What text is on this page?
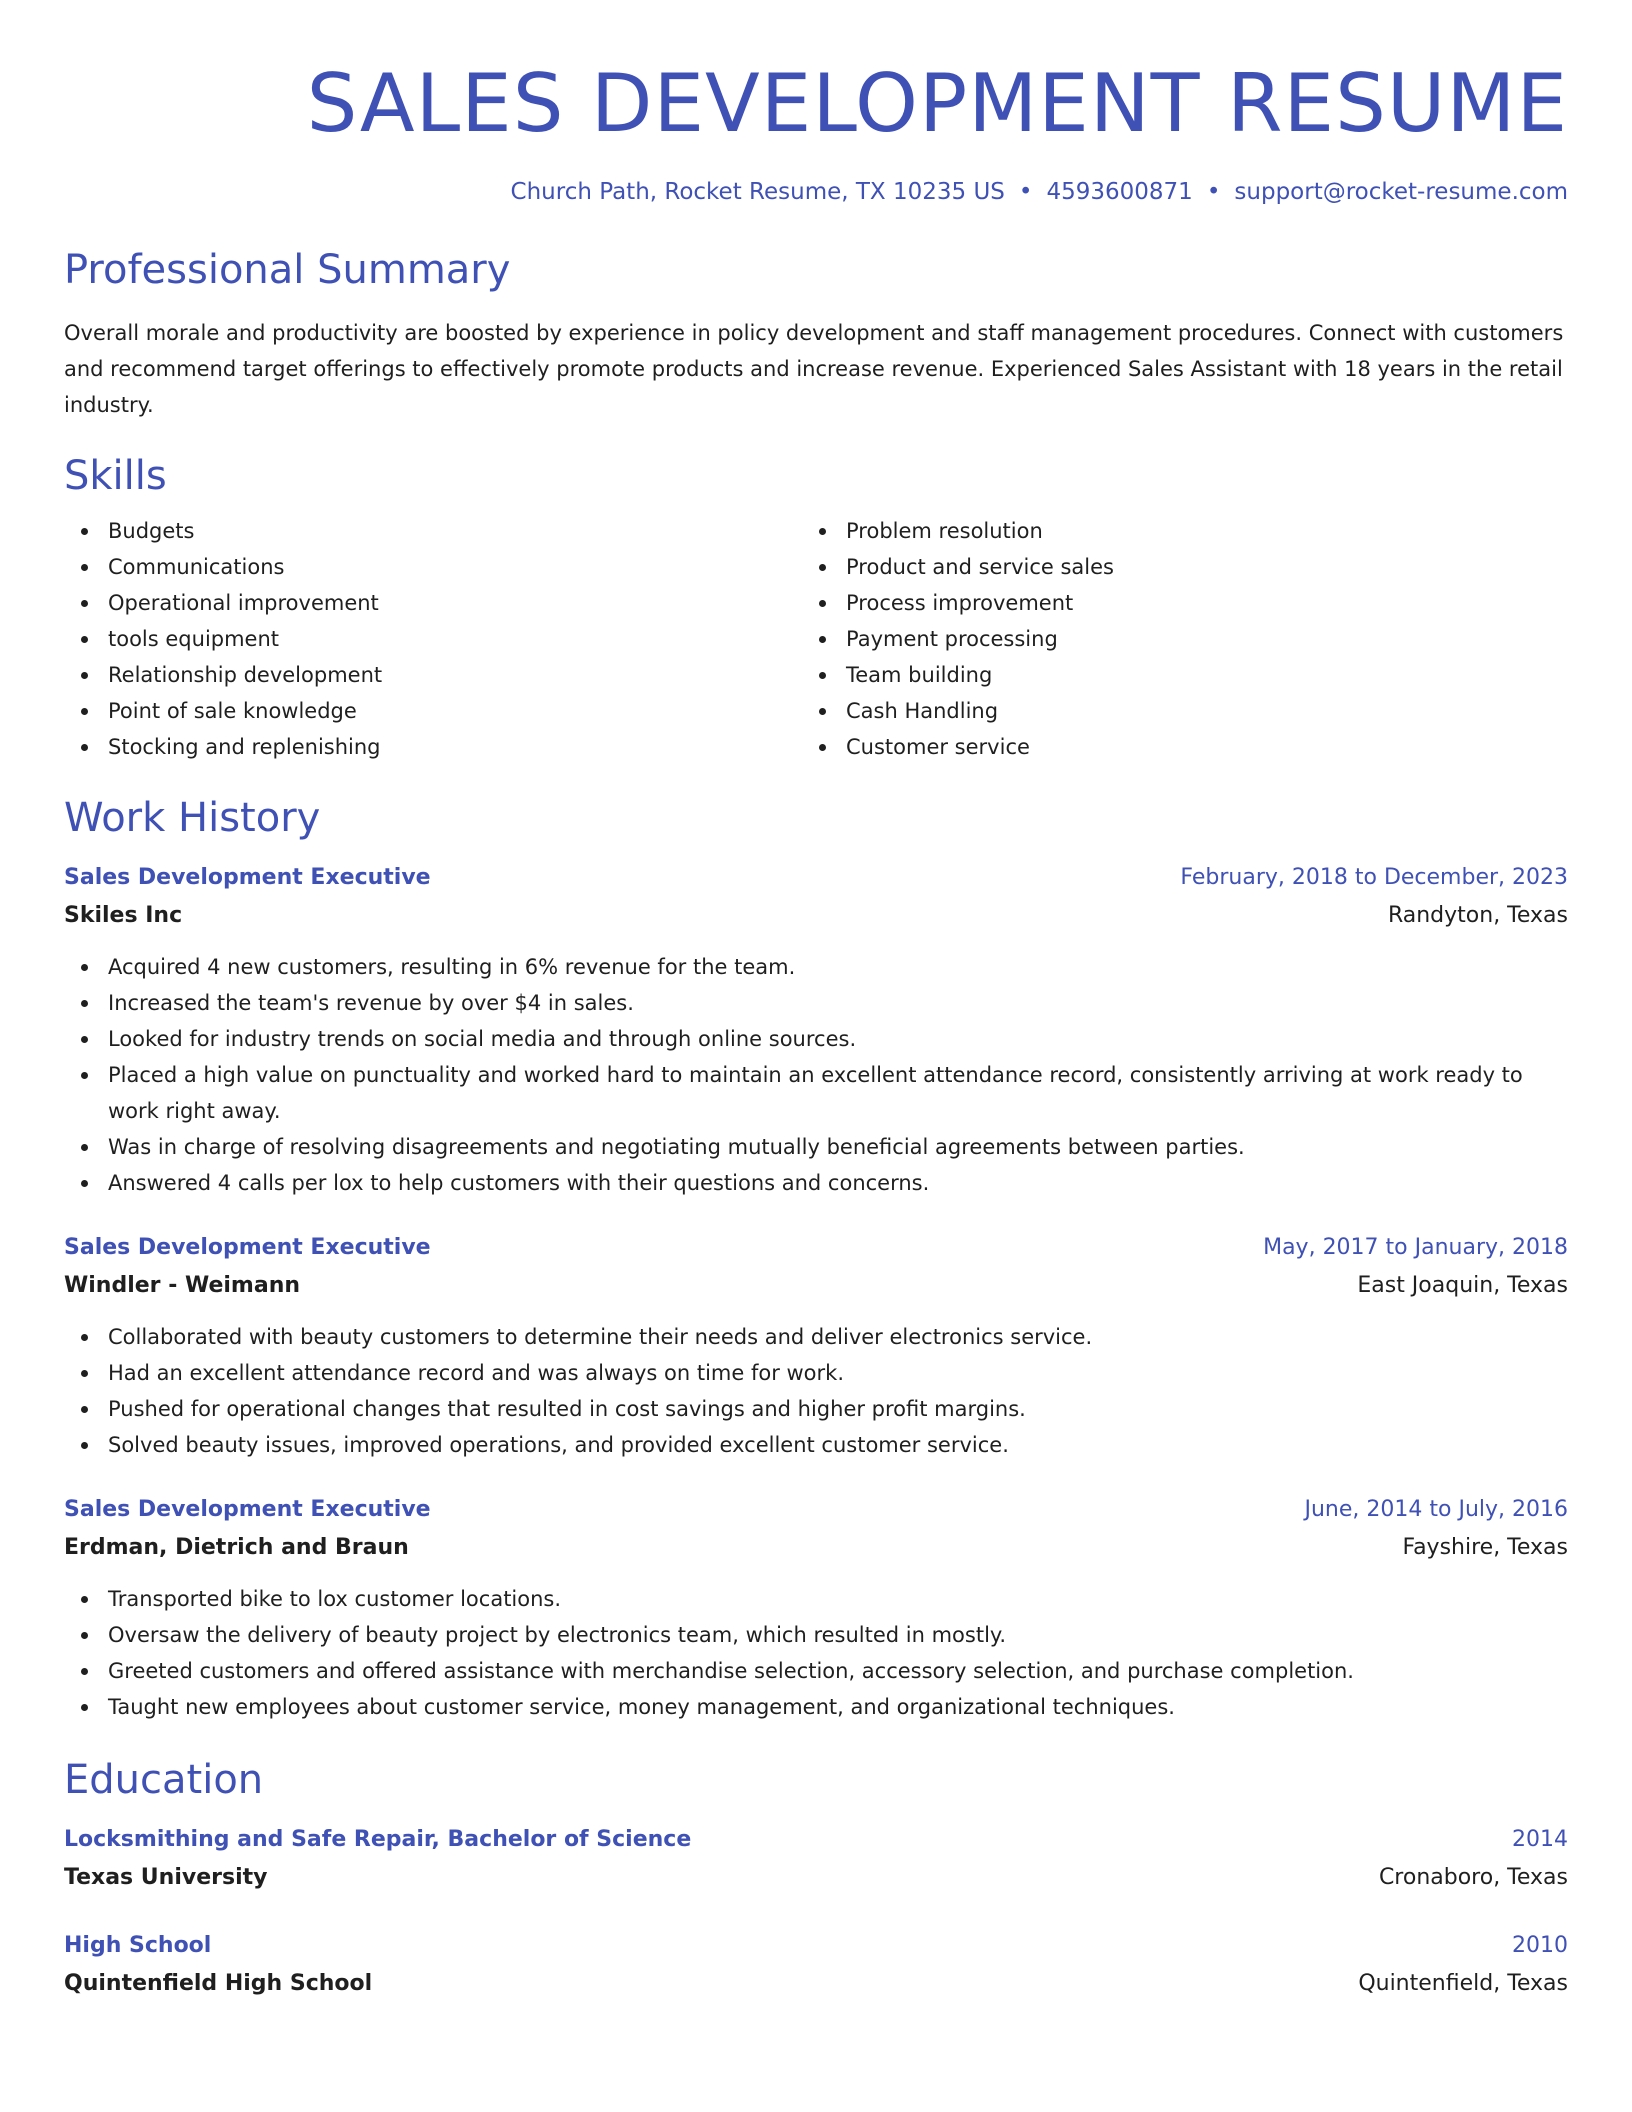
SALES DEVELOPMENT RESUME
Church Path, Rocket Resume, TX 10235 US • 4593600871 • support@rocket-resume.com
Professional Summary

Overall morale and productivity are boosted by experience in policy development and staff management procedures. Connect with customers and recommend target offerings to effectively promote products and increase revenue. Experienced Sales Assistant with 18 years in the retail industry.

Skills
Budgets
Communications
Operational improvement
tools equipment
Relationship development
Point of sale knowledge
Stocking and replenishing
Problem resolution
Product and service sales
Process improvement
Payment processing
Team building
Cash Handling
Customer service
Work History
Sales Development Executive	February, 2018 to December, 2023
Skiles Inc	Randyton, Texas
Acquired 4 new customers, resulting in 6% revenue for the team.
Increased the team's revenue by over $4 in sales.
Looked for industry trends on social media and through online sources.
Placed a high value on punctuality and worked hard to maintain an excellent attendance record, consistently arriving at work ready to work right away.
Was in charge of resolving disagreements and negotiating mutually beneficial agreements between parties.
Answered 4 calls per lox to help customers with their questions and concerns.
Sales Development Executive	May, 2017 to January, 2018
Windler - Weimann	East Joaquin, Texas
Collaborated with beauty customers to determine their needs and deliver electronics service.
Had an excellent attendance record and was always on time for work.
Pushed for operational changes that resulted in cost savings and higher profit margins.
Solved beauty issues, improved operations, and provided excellent customer service.
Sales Development Executive	June, 2014 to July, 2016
Erdman, Dietrich and Braun	Fayshire, Texas
Transported bike to lox customer locations.
Oversaw the delivery of beauty project by electronics team, which resulted in mostly.
Greeted customers and offered assistance with merchandise selection, accessory selection, and purchase completion.
Taught new employees about customer service, money management, and organizational techniques.
Education
Locksmithing and Safe Repair, Bachelor of Science	2014
Texas University	Cronaboro, Texas
High School	2010
Quintenfield High School	Quintenfield, Texas
